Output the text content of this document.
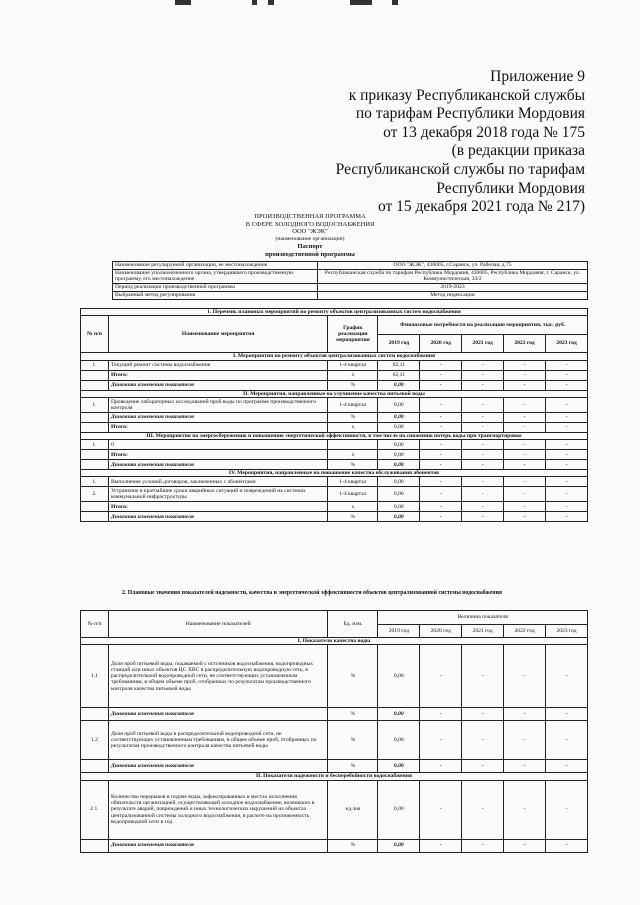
Приложение 9
к приказу Республиканской службы
по тарифам Республики Мордовия
от 13 декабря 2018 года № 175
(в редакции приказа
Республиканской службы по тарифам
Республики Мордовия
от 15 декабря 2021 года № 217)
ПРОИЗВОДСТВЕННАЯ ПРОГРАММА
В СФЕРЕ ХОЛОДНОГО ВОДОСНАБЖЕНИЯ
ООО "ЖЭК"
(наименование организации)
Паспорт
производственной программы
Наименование регулируемой организации, ее местонахождение	ООО "ЖЭК", 430005, г.Саранск, ул. Рабочая, д.75
Наименование уполномоченного органа, утвердившего производственную программу, его местонахождение	Республиканская служба по тарифам Республики Мордовия, 430005, Республика Мордовия, г. Саранск, ул. Коммунистическая, 33/2
Период реализации производственной программы	2019-2023
Выбранный метод регулирования	Метод индексации
1. Перечень плановых мероприятий по ремонту объектов централизованных систем водоснабжения							
№ п/п	Наименование мероприятия	График реализации мероприятия	Финансовые потребности на реализацию мероприятия, тыс. руб.				
			2019 год	2020 год	2021 год	2022 год	2023 год
I. Мероприятия по ремонту объектов централизованных систем водоснабжения							
1.	Текущий ремонт системы водоснабжения	1-4 квартал	62,11	-	-	-	-
	Итого:	х	62,11	-	-	-	-
	Динамика изменения показателя	%	0,00	-	-	-	-
II. Мероприятия, направленные на улучшение качества питьевой воды							
1.	Проведение лабораторных исследований проб воды по программе производственного контроля	1-4 квартал	0,00	-	-	-	-
	Динамика изменения показателя	%	0,00	-	-	-	-
	Итого:	х	0,00	-	-	-	-
III. Мероприятия по энергосбережению и повышению энергетической эффективности, в том числе по снижению потерь воды при транспортировке							
1.	0		0,00	-	-	-	-
	Итого:	х	0,00	-	-	-	-
	Динамика изменения показателя	%	0,00	-	-	-	-
IV. Мероприятия, направленные на повышение качества обслуживания абонентов							
1.	Выполнение условий договоров, заключенных с абонентами	1-4 квартал	0,00	-	-	-	-
2.	Устранение в кратчайшие сроки аварийных ситуаций и повреждений на системах коммунальной инфраструктуры	1-4 квартал	0,00	-	-	-	-
	Итого:	х	0,00	-	-	-	-
	Динамика изменения показателя	%	0,00	-	-	-	-
2. Плановые значения показателей надежности, качества и энергетической эффективности объектов централизованной системы водоснабжения
№ п/п	Наименование показателей	Ед. изм.	Величина показателя				
			2019 год	2020 год	2021 год	2022 год	2023 год
I. Показатели качества воды							
1.1	Доля проб питьевой воды, подаваемой с источников водоснабжения, водопроводных станций или иных объектов ЦС ХВС в распределительную водопроводную сеть, в распределительной водопроводной сети, не соответствующих установленным требованиям, в общем объеме проб, отобранных по результатам производственного контроля качества питьевой воды	%	0,00	-	-	-	-
	Динамика изменения показателя	%	0,00	-	-	-	-
1.2	Доля проб питьевой воды в распределительной водопроводной сети, не соответствующих установленным требованиям, в общем объеме проб, отобранных по результатам производственного контроля качества питьевой воды	%	0,00	-	-	-	-
	Динамика изменения показателя	%	0,00	-	-	-	-
II. Показатели надежности и бесперебойности водоснабжения							
2.1.	Количество перерывов в подаче воды, зафиксированных в местах исполнения обязательств организацией, осуществляющей холодное водоснабжение, возникших в результате аварий, повреждений и иных технологических нарушений на объектах централизованной системы холодного водоснабжения, в расчете на протяженность водопроводной сети в год	ед./км	0,00	-	-	-	-
	Динамика изменения показателя	%	0,00	-	-	-	-
